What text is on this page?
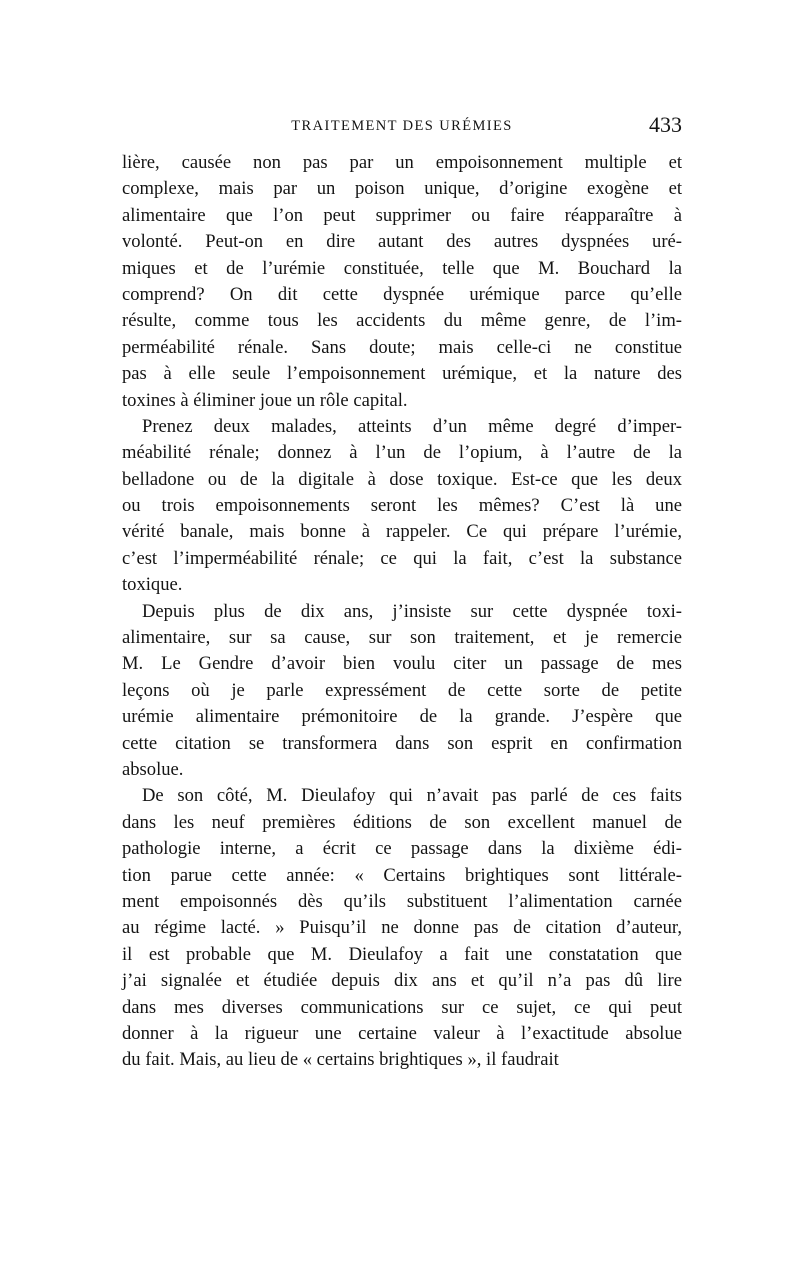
TRAITEMENT DES URÉMIES	433
lière, causée non pas par un empoisonnement multiple et
complexe, mais par un poison unique, d’origine exogène et
alimentaire que l’on peut supprimer ou faire réapparaître à
volonté. Peut-on en dire autant des autres dyspnées uré-
miques et de l’urémie constituée, telle que M. Bouchard la
comprend? On dit cette dyspnée urémique parce qu’elle
résulte, comme tous les accidents du même genre, de l’im-
perméabilité rénale. Sans doute; mais celle-ci ne constitue
pas à elle seule l’empoisonnement urémique, et la nature des
toxines à éliminer joue un rôle capital.
Prenez deux malades, atteints d’un même degré d’imper-
méabilité rénale; donnez à l’un de l’opium, à l’autre de la
belladone ou de la digitale à dose toxique. Est-ce que les deux
ou trois empoisonnements seront les mêmes? C’est là une
vérité banale, mais bonne à rappeler. Ce qui prépare l’urémie,
c’est l’imperméabilité rénale; ce qui la fait, c’est la substance
toxique.
Depuis plus de dix ans, j’insiste sur cette dyspnée toxi-
alimentaire, sur sa cause, sur son traitement, et je remercie
M. Le Gendre d’avoir bien voulu citer un passage de mes
leçons où je parle expressément de cette sorte de petite
urémie alimentaire prémonitoire de la grande. J’espère que
cette citation se transformera dans son esprit en confirmation
absolue.
De son côté, M. Dieulafoy qui n’avait pas parlé de ces faits
dans les neuf premières éditions de son excellent manuel de
pathologie interne, a écrit ce passage dans la dixième édi-
tion parue cette année: « Certains brightiques sont littérale-
ment empoisonnés dès qu’ils substituent l’alimentation carnée
au régime lacté. » Puisqu’il ne donne pas de citation d’auteur,
il est probable que M. Dieulafoy a fait une constatation que
j’ai signalée et étudiée depuis dix ans et qu’il n’a pas dû lire
dans mes diverses communications sur ce sujet, ce qui peut
donner à la rigueur une certaine valeur à l’exactitude absolue
du fait. Mais, au lieu de « certains brightiques », il faudrait
